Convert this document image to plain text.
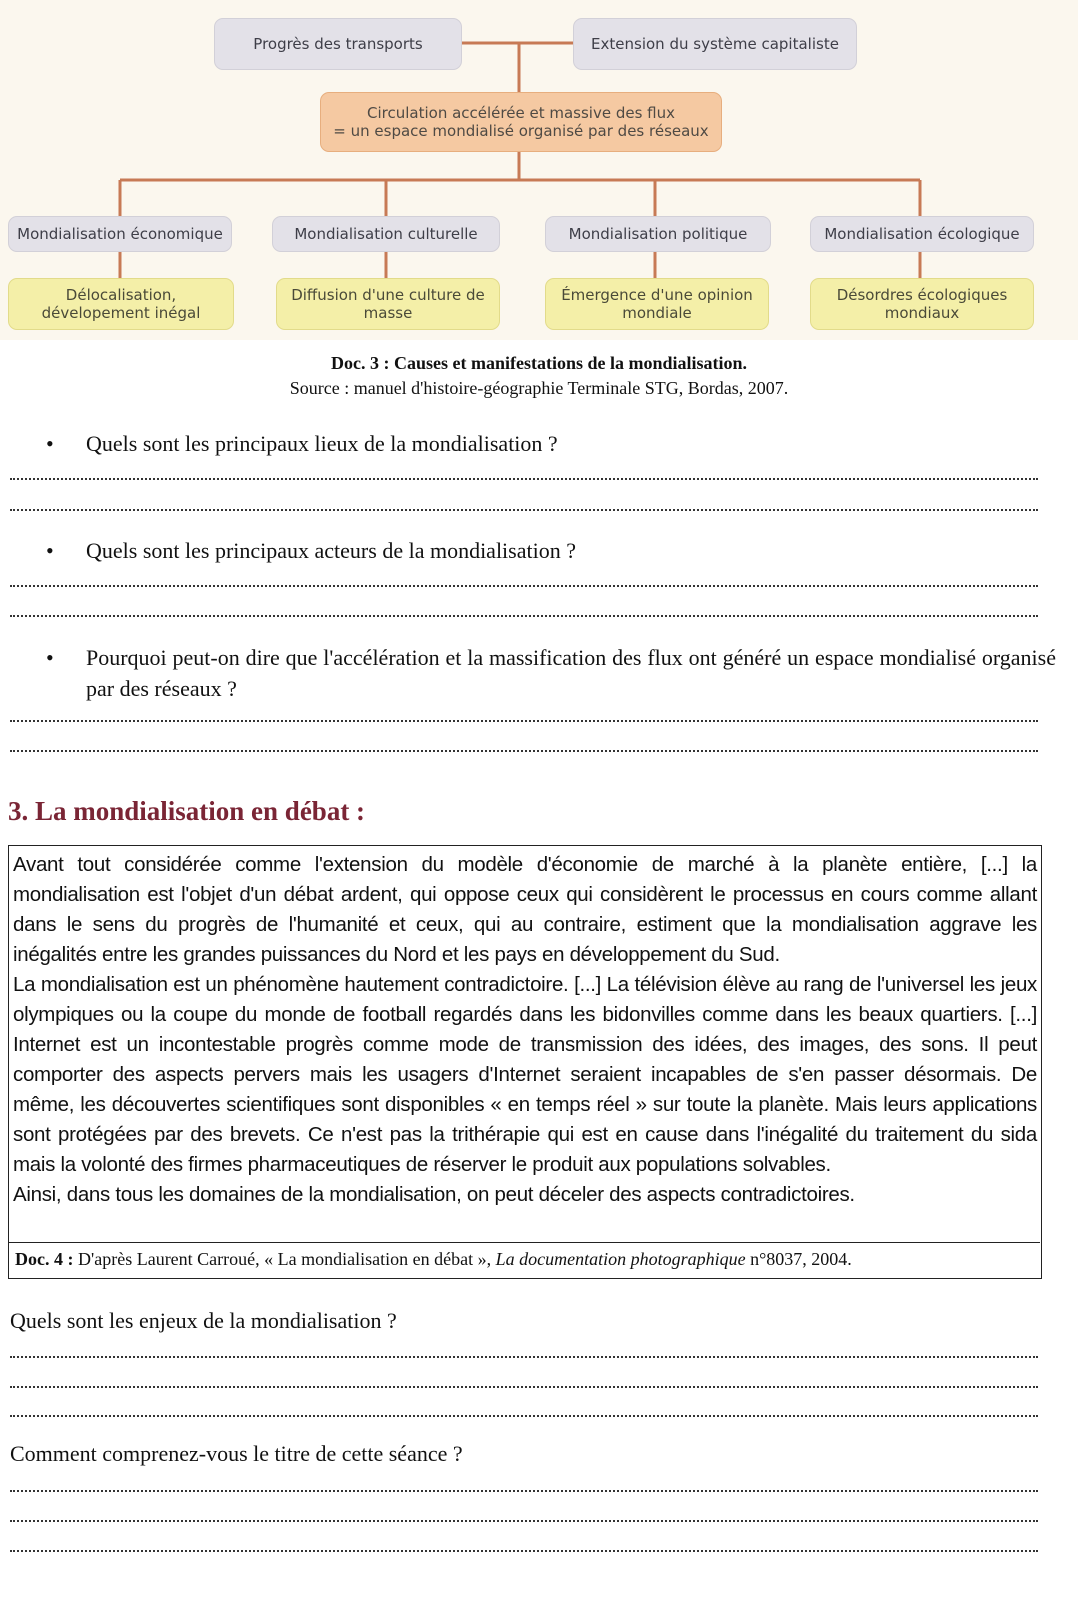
Progrès des transports	Extension du système capitaliste
Circulation accélérée et massive des flux
= un espace mondialisé organisé par des réseaux
Mondialisation économique	Mondialisation culturelle	Mondialisation politique	Mondialisation écologique
Délocalisation, dévelopement inégal
Diffusion d'une culture de masse
Émergence d'une opinion mondiale
Désordres écologiques mondiaux
Doc. 3 : Causes et manifestations de la mondialisation.
Source : manuel d'histoire-géographie Terminale STG, Bordas, 2007.
• Quels sont les principaux lieux de la mondialisation ?
• Quels sont les principaux acteurs de la mondialisation ?
• Pourquoi peut-on dire que l'accélération et la massification des flux ont généré un espace mondialisé organisé par des réseaux ?
3. La mondialisation en débat :

Avant tout considérée comme l'extension du modèle d'économie de marché à la planète entière, [...] la mondialisation est l'objet d'un débat ardent, qui oppose ceux qui considèrent le processus en cours comme allant dans le sens du progrès de l'humanité et ceux, qui au contraire, estiment que la mondialisation aggrave les inégalités entre les grandes puissances du Nord et les pays en développement du Sud.

La mondialisation est un phénomène hautement contradictoire. [...] La télévision élève au rang de l'universel les jeux olympiques ou la coupe du monde de football regardés dans les bidonvilles comme dans les beaux quartiers. [...] Internet est un incontestable progrès comme mode de transmission des idées, des images, des sons. Il peut comporter des aspects pervers mais les usagers d'Internet seraient incapables de s'en passer désormais. De même, les découvertes scientifiques sont disponibles « en temps réel » sur toute la planète. Mais leurs applications sont protégées par des brevets. Ce n'est pas la trithérapie qui est en cause dans l'inégalité du traitement du sida mais la volonté des firmes pharmaceutiques de réserver le produit aux populations solvables.

Ainsi, dans tous les domaines de la mondialisation, on peut déceler des aspects contradictoires.

Doc. 4 : D'après Laurent Carroué, « La mondialisation en débat », La documentation photographique n°8037, 2004.
Quels sont les enjeux de la mondialisation ?
Comment comprenez-vous le titre de cette séance ?
